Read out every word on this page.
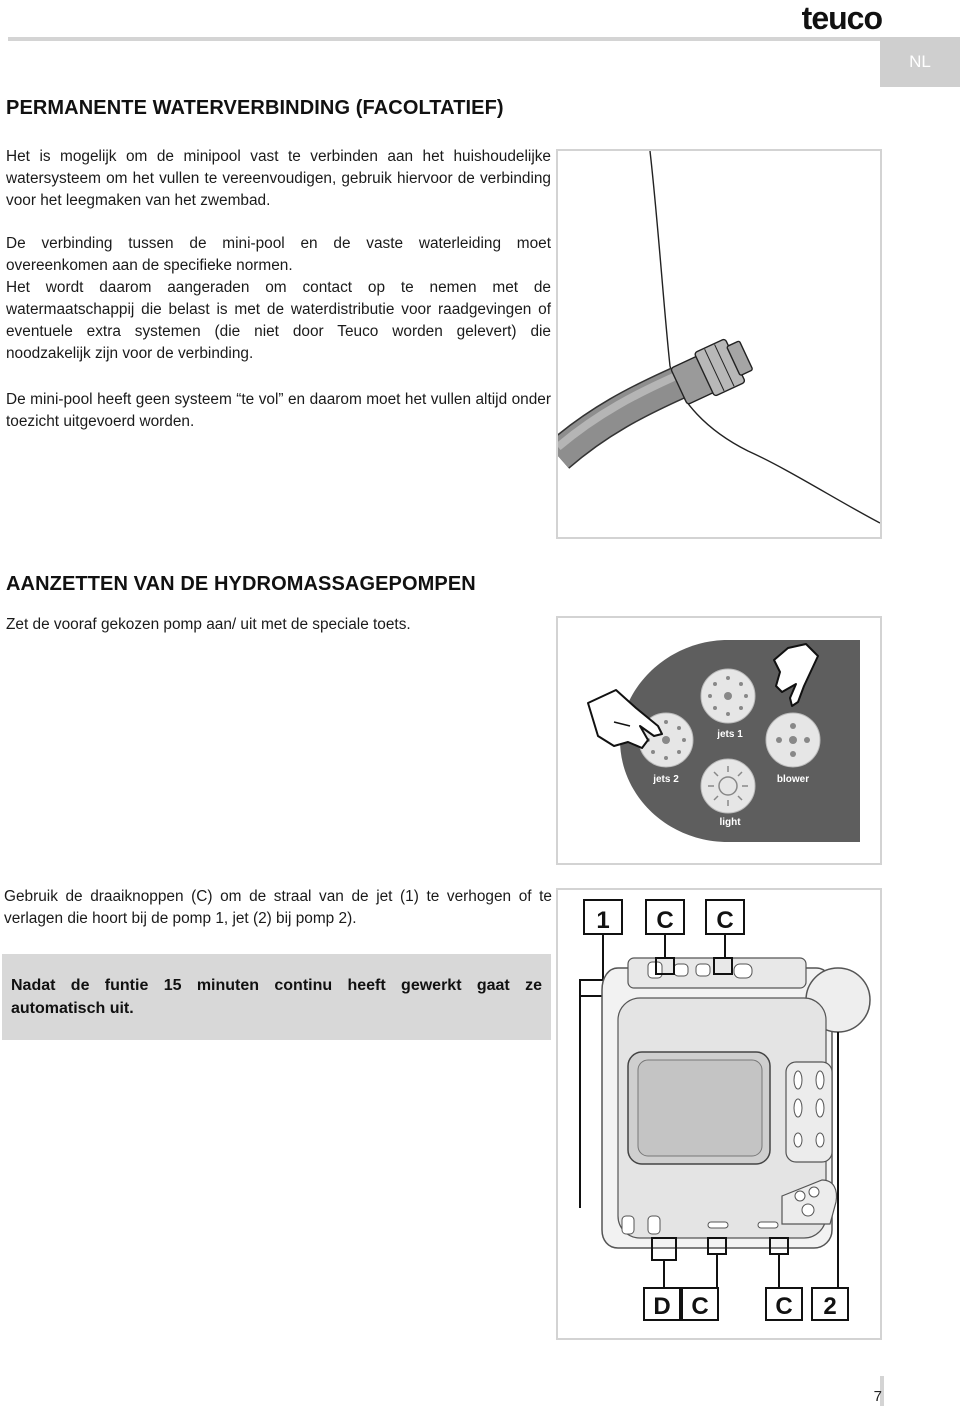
teuco
NL
PERMANENTE WATERVERBINDING (FACOLTATIEF)

Het is mogelijk om de minipool vast te verbinden aan het huishoudelijke watersysteem om het vullen te vereenvoudigen, gebruik hiervoor de verbinding voor het leegmaken van het zwembad.

De verbinding tussen de mini-pool en de vaste waterleiding moet overeenkomen aan de specifieke normen.

Het wordt daarom aangeraden om contact op te nemen met de watermaatschappij die belast is met de waterdistributie voor raadgevingen of eventuele extra systemen (die niet door Teuco worden gelevert) die noodzakelijk zijn voor de verbinding.

De mini-pool heeft geen systeem “te vol” en daarom moet het vullen altijd onder toezicht uitgevoerd worden.

AANZETTEN VAN DE HYDROMASSAGEPOMPEN

Zet de vooraf gekozen pomp aan/ uit met de speciale toets.

jets 1
jets 2	blower
light

Gebruik de draaiknoppen (C) om de straal van de jet (1) te verhogen of te verlagen die hoort bij de pomp 1, jet (2) bij pomp 2).

Nadat de funtie 15 minuten continu heeft gewerkt gaat ze automatisch uit.
1 C C
D C	C 2
7
